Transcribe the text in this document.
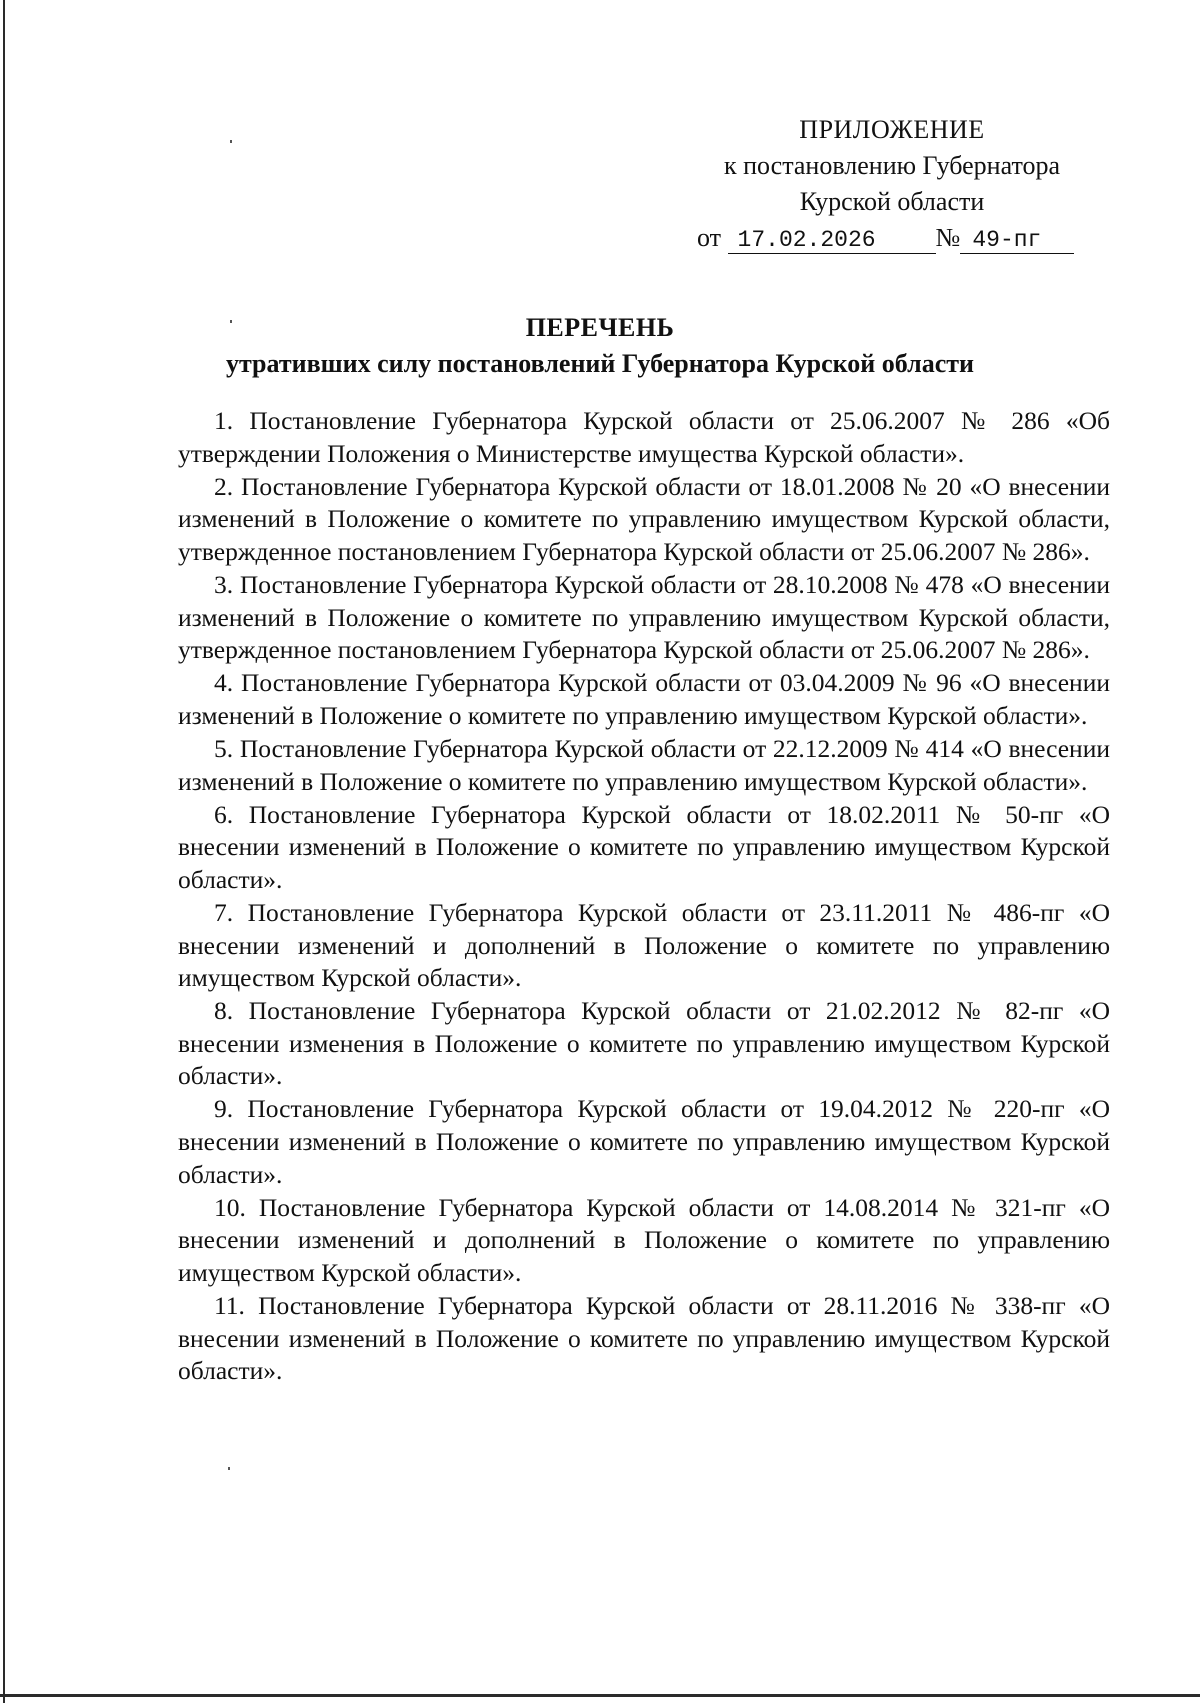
ПРИЛОЖЕНИЕ
к постановлению Губернатора
Курской области
от 17.02.2026 № 49-пг
ПЕРЕЧЕНЬ
утративших силу постановлений Губернатора Курской области

1. Постановление Губернатора Курской области от 25.06.2007 № 286 «Об утверждении Положения о Министерстве имущества Курской области».

2. Постановление Губернатора Курской области от 18.01.2008 № 20 «О внесении изменений в Положение о комитете по управлению имуществом Курской области, утвержденное постановлением Губернатора Курской области от 25.06.2007 № 286».

3. Постановление Губернатора Курской области от 28.10.2008 № 478 «О внесении изменений в Положение о комитете по управлению имуществом Курской области, утвержденное постановлением Губернатора Курской области от 25.06.2007 № 286».

4. Постановление Губернатора Курской области от 03.04.2009 № 96 «О внесении изменений в Положение о комитете по управлению имуществом Курской области».

5. Постановление Губернатора Курской области от 22.12.2009 № 414 «О внесении изменений в Положение о комитете по управлению имуществом Курской области».

6. Постановление Губернатора Курской области от 18.02.2011 № 50-пг «О внесении изменений в Положение о комитете по управлению имуществом Курской области».

7. Постановление Губернатора Курской области от 23.11.2011 № 486-пг «О внесении изменений и дополнений в Положение о комитете по управлению имуществом Курской области».

8. Постановление Губернатора Курской области от 21.02.2012 № 82-пг «О внесении изменения в Положение о комитете по управлению имуществом Курской области».

9. Постановление Губернатора Курской области от 19.04.2012 № 220-пг «О внесении изменений в Положение о комитете по управлению имуществом Курской области».

10. Постановление Губернатора Курской области от 14.08.2014 № 321-пг «О внесении изменений и дополнений в Положение о комитете по управлению имуществом Курской области».

11. Постановление Губернатора Курской области от 28.11.2016 № 338-пг «О внесении изменений в Положение о комитете по управлению имуществом Курской области».
